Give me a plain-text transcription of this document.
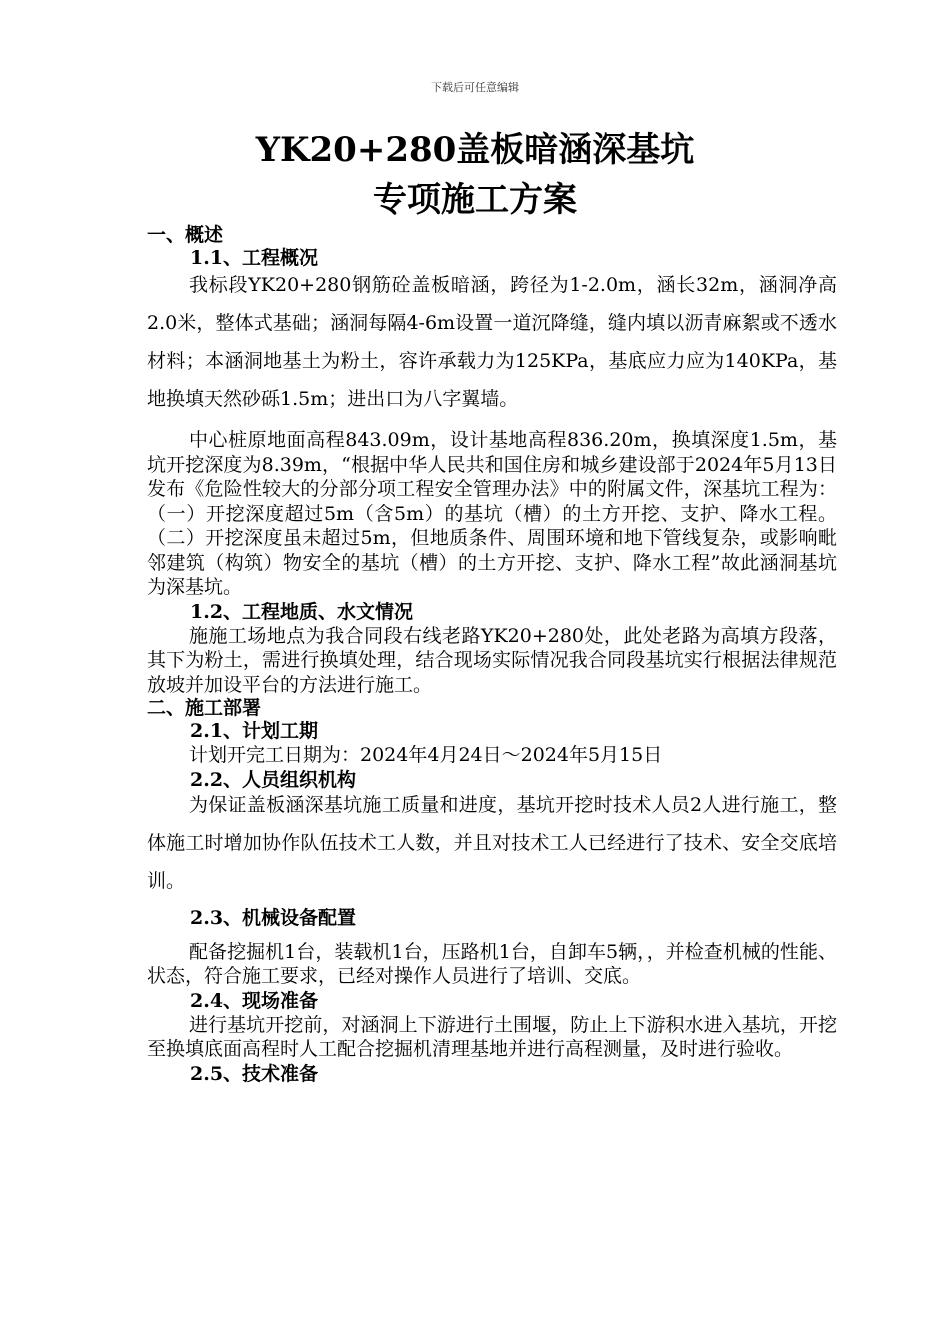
下载后可任意编辑
YK20+280盖板暗涵深基坑
专项施工方案

一、概述

1.1、工程概况

我标段YK20+280钢筋砼盖板暗涵，跨径为1-2.0m，涵长32m，涵洞净高2.0米，整体式基础；涵洞每隔4-6m设置一道沉降缝，缝内填以沥青麻絮或不透水材料；本涵洞地基土为粉土，容许承载力为125KPa，基底应力应为140KPa，基地换填天然砂砾1.5m；进出口为八字翼墙。

中心桩原地面高程843.09m，设计基地高程836.20m，换填深度1.5m，基坑开挖深度为8.39m，“根据中华人民共和国住房和城乡建设部于2024年5月13日发布《危险性较大的分部分项工程安全管理办法》中的附属文件，深基坑工程为：（一）开挖深度超过5m（含5m）的基坑（槽）的土方开挖、支护、降水工程。 （二）开挖深度虽未超过5m，但地质条件、周围环境和地下管线复杂，或影响毗邻建筑（构筑）物安全的基坑（槽）的土方开挖、支护、降水工程”故此涵洞基坑为深基坑。

1.2、工程地质、水文情况

施施工场地点为我合同段右线老路YK20+280处，此处老路为高填方段落，其下为粉土，需进行换填处理，结合现场实际情况我合同段基坑实行根据法律规范放坡并加设平台的方法进行施工。

二、施工部署

2.1、计划工期

计划开完工日期为：2024年4月24日～2024年5月15日

2.2、人员组织机构

为保证盖板涵深基坑施工质量和进度，基坑开挖时技术人员2人进行施工，整体施工时增加协作队伍技术工人数，并且对技术工人已经进行了技术、安全交底培训。

2.3、机械设备配置

配备挖掘机1台，装载机1台，压路机1台，自卸车5辆，，并检查机械的性能、状态，符合施工要求，已经对操作人员进行了培训、交底。

2.4、现场准备

进行基坑开挖前，对涵洞上下游进行土围堰，防止上下游积水进入基坑，开挖至换填底面高程时人工配合挖掘机清理基地并进行高程测量，及时进行验收。

2.5、技术准备
